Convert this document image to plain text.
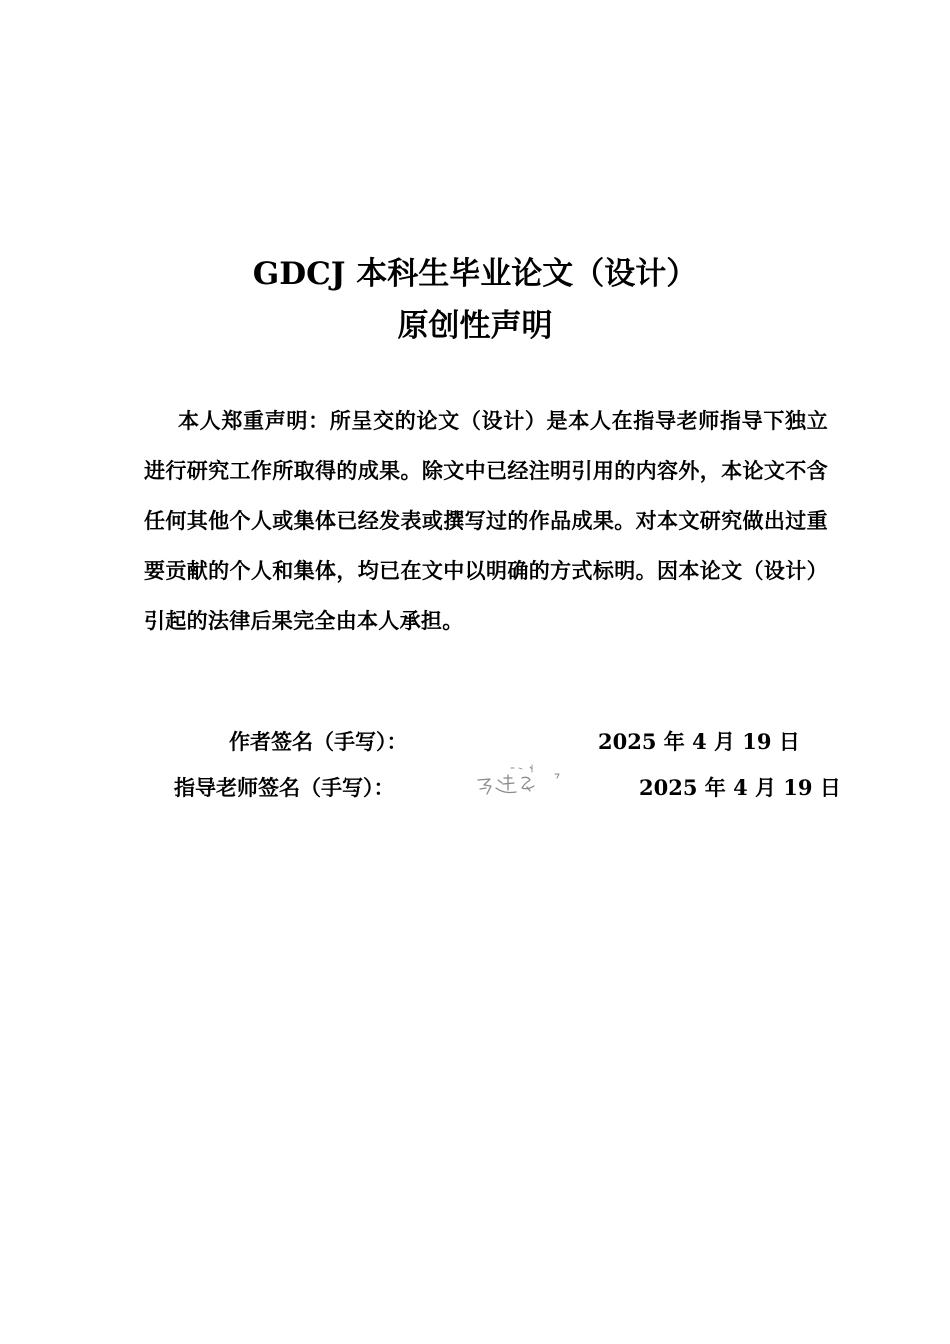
GDCJ 本科生毕业论文（设计）
原创性声明
本人郑重声明：所呈交的论文（设计）是本人在指导老师指导下独立进行研究工作所取得的成果。除文中已经注明引用的内容外，本论文不含任何其他个人或集体已经发表或撰写过的作品成果。对本文研究做出过重要贡献的个人和集体，均已在文中以明确的方式标明。因本论文（设计）引起的法律后果完全由本人承担。
作者签名（手写）：	2025 年 4 月 19 日
指导老师签名（手写）：	2025 年 4 月 19 日
